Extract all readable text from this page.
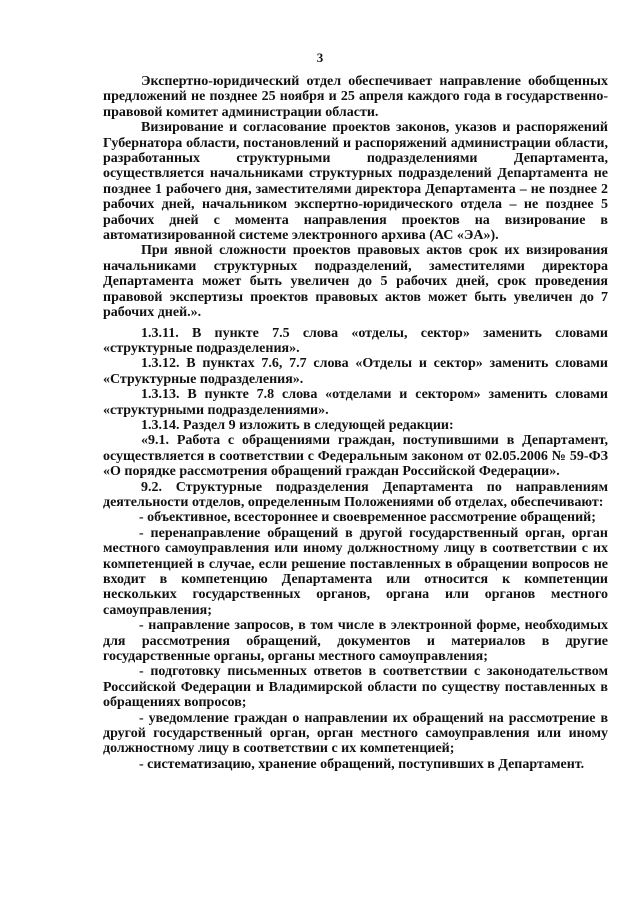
3

Экспертно-юридический отдел обеспечивает направление обобщенных предложений не позднее 25 ноября и 25 апреля каждого года в государственно-правовой комитет администрации области.

Визирование и согласование проектов законов, указов и распоряжений Губернатора области, постановлений и распоряжений администрации области, разработанных структурными подразделениями Департамента, осуществляется начальниками структурных подразделений Департамента не позднее 1 рабочего дня, заместителями директора Департамента – не позднее 2 рабочих дней, начальником экспертно-юридического отдела – не позднее 5 рабочих дней с момента направления проектов на визирование в автоматизированной системе электронного архива (АС «ЭА»).

При явной сложности проектов правовых актов срок их визирования начальниками структурных подразделений, заместителями директора Департамента может быть увеличен до 5 рабочих дней, срок проведения правовой экспертизы проектов правовых актов может быть увеличен до 7 рабочих дней.».

1.3.11. В пункте 7.5 слова «отделы, сектор» заменить словами «структурные подразделения».

1.3.12. В пунктах 7.6, 7.7 слова «Отделы и сектор» заменить словами «Структурные подразделения».

1.3.13. В пункте 7.8 слова «отделами и сектором» заменить словами «структурными подразделениями».

1.3.14. Раздел 9 изложить в следующей редакции:

«9.1. Работа с обращениями граждан, поступившими в Департамент, осуществляется в соответствии с Федеральным законом от 02.05.2006 № 59-ФЗ «О порядке рассмотрения обращений граждан Российской Федерации».

9.2. Структурные подразделения Департамента по направлениям деятельности отделов, определенным Положениями об отделах, обеспечивают:

- объективное, всестороннее и своевременное рассмотрение обращений;

- перенаправление обращений в другой государственный орган, орган местного самоуправления или иному должностному лицу в соответствии с их компетенцией в случае, если решение поставленных в обращении вопросов не входит в компетенцию Департамента или относится к компетенции нескольких государственных органов, органа или органов местного самоуправления;

- направление запросов, в том числе в электронной форме, необходимых для рассмотрения обращений, документов и материалов в другие государственные органы, органы местного самоуправления;

- подготовку письменных ответов в соответствии с законодательством Российской Федерации и Владимирской области по существу поставленных в обращениях вопросов;

- уведомление граждан о направлении их обращений на рассмотрение в другой государственный орган, орган местного самоуправления или иному должностному лицу в соответствии с их компетенцией;

- систематизацию, хранение обращений, поступивших в Департамент.
